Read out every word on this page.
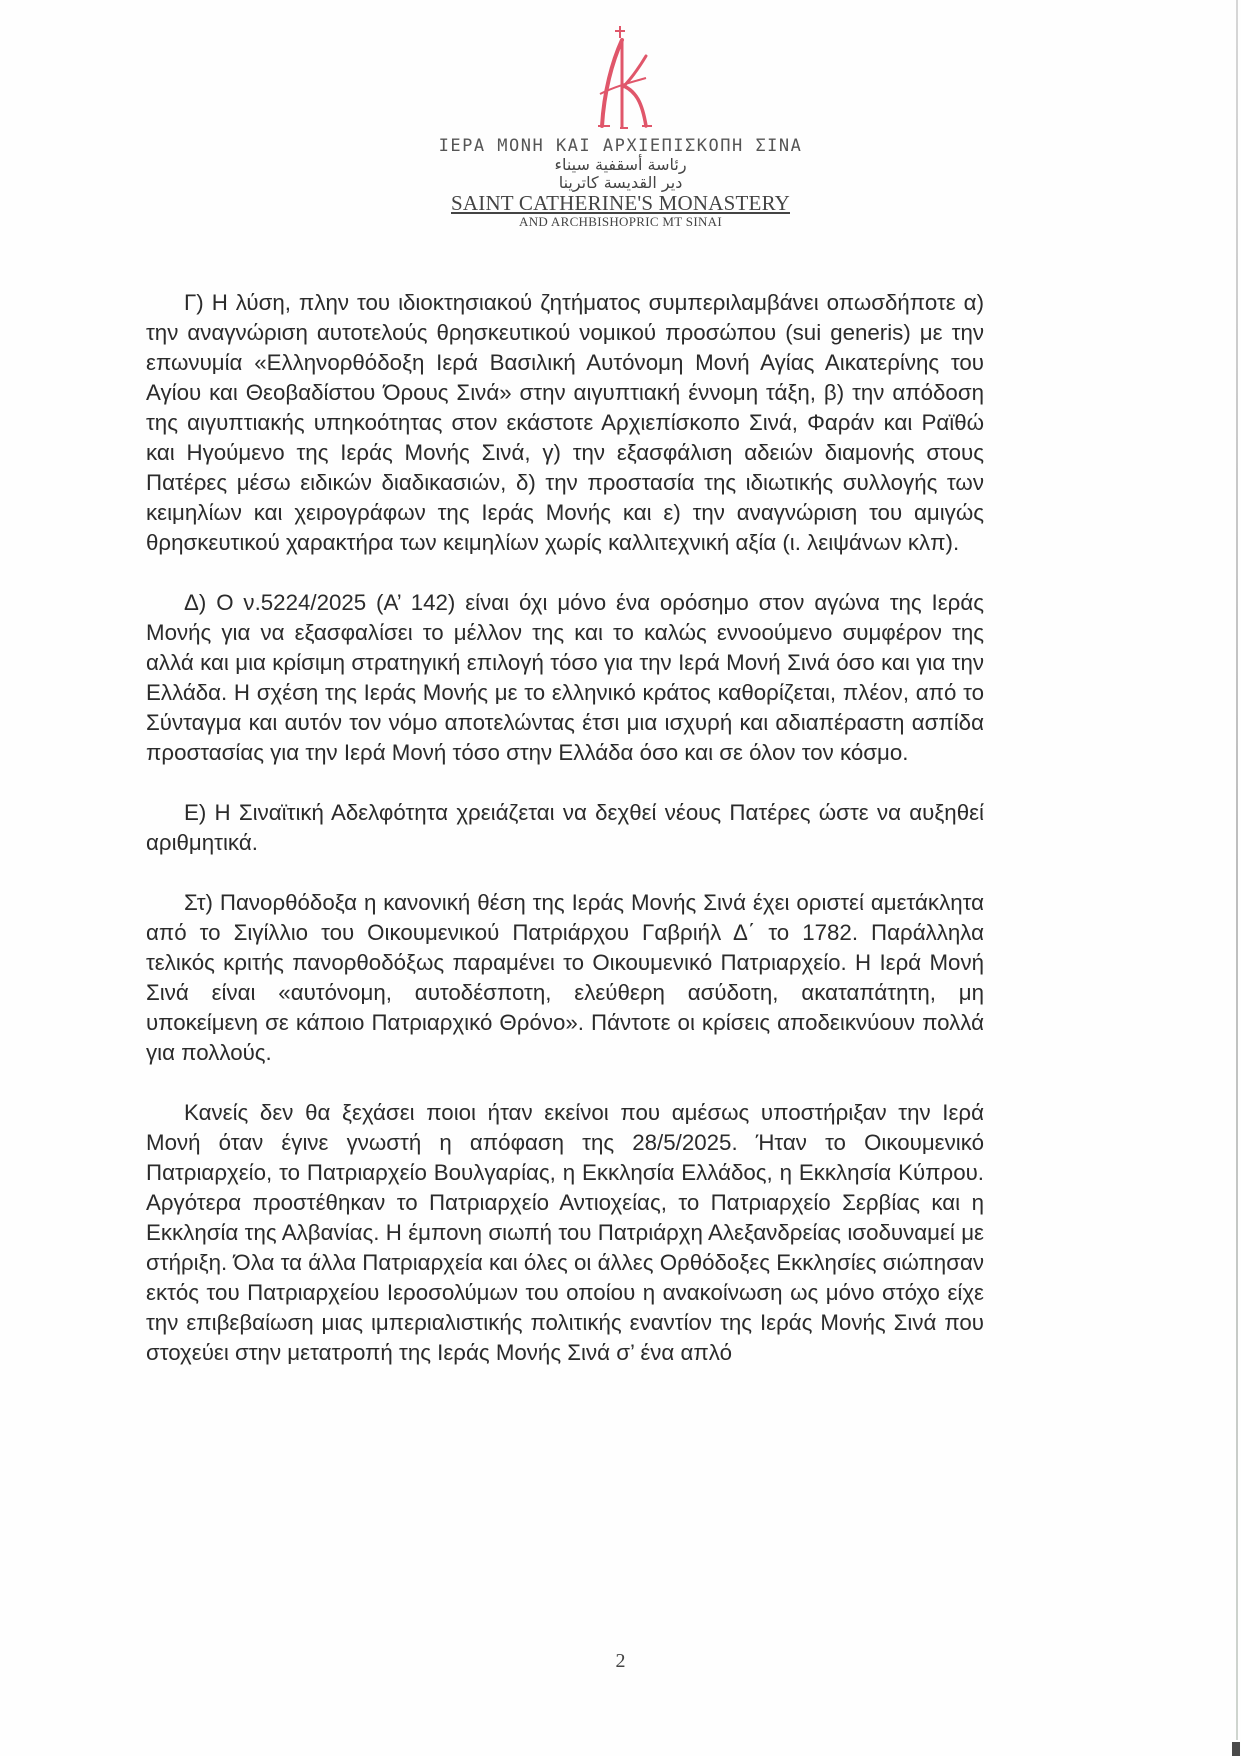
ΙΕΡΑ ΜΟΝΗ ΚΑΙ ΑΡΧΙΕΠΙΣΚΟΠΗ ΣΙΝΑ
رئاسة أسقفية سيناء
دير القديسة كاترينا
SAINT CATHERINE'S MONASTERY
AND ARCHBISHOPRIC MT SINAI

Γ) Η λύση, πλην του ιδιοκτησιακού ζητήματος συμπεριλαμβάνει οπωσδήποτε α) την αναγνώριση αυτοτελούς θρησκευτικού νομικού προσώπου (sui generis) με την επωνυμία «Ελληνορθόδοξη Ιερά Βασιλική Αυτόνομη Μονή Αγίας Αικατερίνης του Αγίου και Θεοβαδίστου Όρους Σινά» στην αιγυπτιακή έννομη τάξη, β) την απόδοση της αιγυπτιακής υπηκοότητας στον εκάστοτε Αρχιεπίσκοπο Σινά, Φαράν και Ραϊθώ και Ηγούμενο της Ιεράς Μονής Σινά, γ) την εξασφάλιση αδειών διαμονής στους Πατέρες μέσω ειδικών διαδικασιών, δ) την προστασία της ιδιωτικής συλλογής των κειμηλίων και χειρογράφων της Ιεράς Μονής και ε) την αναγνώριση του αμιγώς θρησκευτικού χαρακτήρα των κειμηλίων χωρίς καλλιτεχνική αξία (ι. λειψάνων κλπ).

Δ) Ο ν.5224/2025 (Α’ 142) είναι όχι μόνο ένα ορόσημο στον αγώνα της Ιεράς Μονής για να εξασφαλίσει το μέλλον της και το καλώς εννοούμενο συμφέρον της αλλά και μια κρίσιμη στρατηγική επιλογή τόσο για την Ιερά Μονή Σινά όσο και για την Ελλάδα. Η σχέση της Ιεράς Μονής με το ελληνικό κράτος καθορίζεται, πλέον, από το Σύνταγμα και αυτόν τον νόμο αποτελώντας έτσι μια ισχυρή και αδιαπέραστη ασπίδα προστασίας για την Ιερά Μονή τόσο στην Ελλάδα όσο και σε όλον τον κόσμο.

Ε) Η Σιναϊτική Αδελφότητα χρειάζεται να δεχθεί νέους Πατέρες ώστε να αυξηθεί αριθμητικά.

Στ) Πανορθόδοξα η κανονική θέση της Ιεράς Μονής Σινά έχει οριστεί αμετάκλητα από το Σιγίλλιο του Οικουμενικού Πατριάρχου Γαβριήλ Δ΄ το 1782. Παράλληλα τελικός κριτής πανορθοδόξως παραμένει το Οικουμενικό Πατριαρχείο. Η Ιερά Μονή Σινά είναι «αυτόνομη, αυτοδέσποτη, ελεύθερη ασύδοτη, ακαταπάτητη, μη υποκείμενη σε κάποιο Πατριαρχικό Θρόνο». Πάντοτε οι κρίσεις αποδεικνύουν πολλά για πολλούς.

Κανείς δεν θα ξεχάσει ποιοι ήταν εκείνοι που αμέσως υποστήριξαν την Ιερά Μονή όταν έγινε γνωστή η απόφαση της 28/5/2025. Ήταν το Οικουμενικό Πατριαρχείο, το Πατριαρχείο Βουλγαρίας, η Εκκλησία Ελλάδος, η Εκκλησία Κύπρου. Αργότερα προστέθηκαν το Πατριαρχείο Αντιοχείας, το Πατριαρχείο Σερβίας και η Εκκλησία της Αλβανίας. Η έμπονη σιωπή του Πατριάρχη Αλεξανδρείας ισοδυναμεί με στήριξη. Όλα τα άλλα Πατριαρχεία και όλες οι άλλες Ορθόδοξες Εκκλησίες σιώπησαν εκτός του Πατριαρχείου Ιεροσολύμων του οποίου η ανακοίνωση ως μόνο στόχο είχε την επιβεβαίωση μιας ιμπεριαλιστικής πολιτικής εναντίον της Ιεράς Μονής Σινά που στοχεύει στην μετατροπή της Ιεράς Μονής Σινά σ’ ένα απλό

2
